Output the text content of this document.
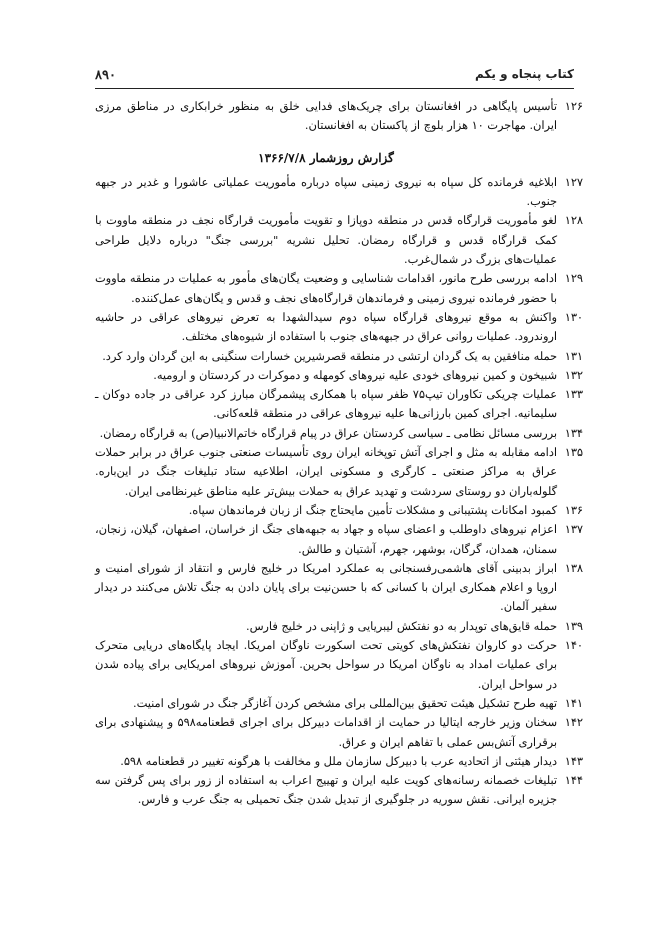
کتاب پنجاه و یکم
۸۹۰
۱۲۶
تأسیس پایگاهی در افغانستان برای چریک‌های فدایی خلق به منظور خرابکاری در مناطق مرزی ایران. مهاجرت ۱۰ هزار بلوچ از پاکستان به افغانستان.
گزارش روزشمار ۱۳۶۶/۷/۸
۱۲۷
ابلاغیه فرمانده کل سپاه به نیروی زمینی سپاه درباره مأموریت عملیاتی عاشورا و غدیر در جبهه جنوب.
۱۲۸
لغو مأموریت قرارگاه قدس در منطقه دوپازا و تقویت مأموریت قرارگاه نجف در منطقه ماووت با کمک قرارگاه قدس و قرارگاه رمضان. تحلیل نشریه "بررسی جنگ" درباره دلایل طراحی عملیات‌های بزرگ در شمال‌غرب.
۱۲۹
ادامه بررسی طرح مانور، اقدامات شناسایی و وضعیت یگان‌های مأمور به عملیات در منطقه ماووت با حضور فرمانده نیروی زمینی و فرماندهان قرارگاه‌های نجف و قدس و یگان‌های عمل‌کننده.
۱۳۰
واکنش به موقع نیروهای قرارگاه سپاه دوم سیدالشهدا به تعرض نیروهای عراقی در حاشیه اروندرود. عملیات روانی عراق در جبهه‌های جنوب با استفاده از شیوه‌های مختلف.
۱۳۱
حمله منافقین به یک گردان ارتشی در منطقه قصرشیرین خسارات سنگینی به این گردان وارد کرد.
۱۳۲
شبیخون و کمین نیروهای خودی علیه نیروهای کومهله و دموکرات در کردستان و ارومیه.
۱۳۳
عملیات چریکی تکاوران تیپ۷۵ ظفر سپاه با همکاری پیشمرگان مبارز کرد عراقی در جاده دوکان ـ سلیمانیه. اجرای کمین بارزانی‌ها علیه نیروهای عراقی در منطقه قلعه‌کانی.
۱۳۴
بررسی مسائل نظامی ـ سیاسی کردستان عراق در پیام قرارگاه خاتم‌الانبیا(ص) به قرارگاه رمضان.
۱۳۵
ادامه مقابله به مثل و اجرای آتش توپخانه ایران روی تأسیسات صنعتی جنوب عراق در برابر حملات عراق به مراکز صنعتی ـ کارگری و مسکونی ایران، اطلاعیه ستاد تبلیغات جنگ در این‌باره. گلوله‌باران دو روستای سردشت و تهدید عراق به حملات بیش‌تر علیه مناطق غیرنظامی ایران.
۱۳۶
کمبود امکانات پشتیبانی و مشکلات تأمین مایحتاج جنگ از زبان فرماندهان سپاه.
۱۳۷
اعزام نیروهای داوطلب و اعضای سپاه و جهاد به جبهه‌های جنگ از خراسان، اصفهان، گیلان، زنجان، سمنان، همدان، گرگان، بوشهر، جهرم، آشتیان و طالش.
۱۳۸
ابراز بدبینی آقای هاشمی‌رفسنجانی به عملکرد امریکا در خلیج فارس و انتقاد از شورای امنیت و اروپا و اعلام همکاری ایران با کسانی که با حسن‌نیت برای پایان دادن به جنگ تلاش می‌کنند در دیدار سفیر آلمان.
۱۳۹
حمله قایق‌های توپدار به دو نفتکش لیبریایی و ژاپنی در خلیج فارس.
۱۴۰
حرکت دو کاروان نفتکش‌های کویتی تحت اسکورت ناوگان امریکا. ایجاد پایگاه‌های دریایی متحرک برای عملیات امداد به ناوگان امریکا در سواحل بحرین. آموزش نیروهای امریکایی برای پیاده شدن در سواحل ایران.
۱۴۱
تهیه طرح تشکیل هیئت تحقیق بین‌المللی برای مشخص کردن آغازگر جنگ در شورای امنیت.
۱۴۲
سخنان وزیر خارجه ایتالیا در حمایت از اقدامات دبیرکل برای اجرای قطعنامه۵۹۸ و پیشنهادی برای برقراری آتش‌بس عملی با تفاهم ایران و عراق.
۱۴۳
دیدار هیئتی از اتحادیه عرب با دبیرکل سازمان ملل و مخالفت با هرگونه تغییر در قطعنامه ۵۹۸.
۱۴۴
تبلیغات خصمانه رسانه‌های کویت علیه ایران و تهییج اعراب به استفاده از زور برای پس گرفتن سه جزیره ایرانی. نقش سوریه در جلوگیری از تبدیل شدن جنگ تحمیلی به جنگ عرب و فارس.
